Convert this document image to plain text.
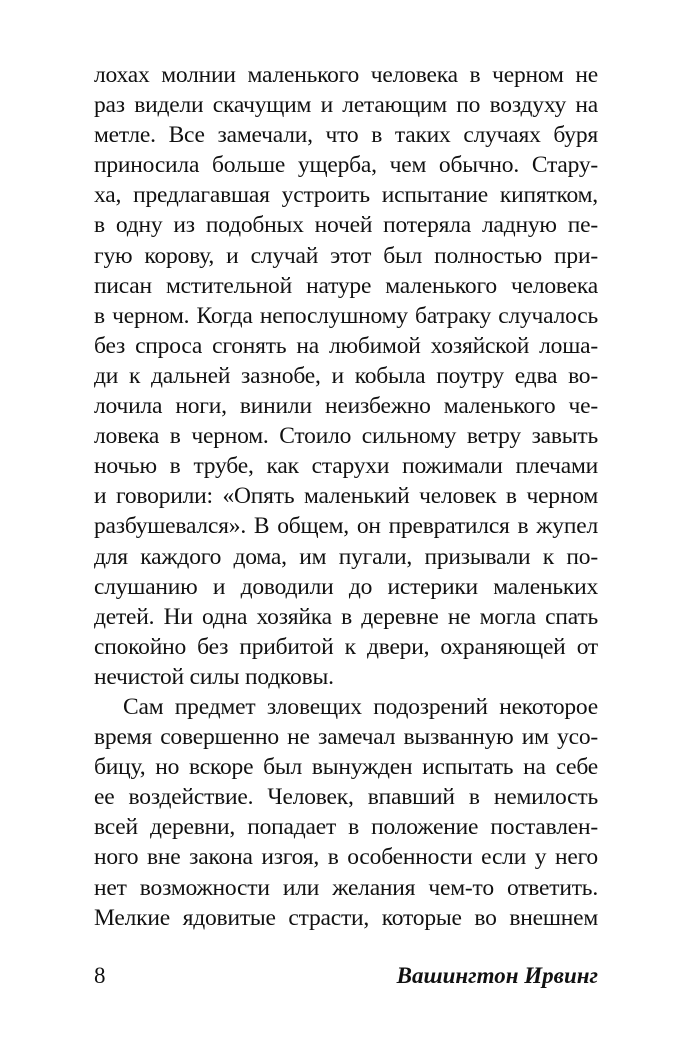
лохах молнии маленького человека в черном не
раз видели скачущим и летающим по воздуху на
метле. Все замечали, что в таких случаях буря
приносила больше ущерба, чем обычно. Стару-
ха, предлагавшая устроить испытание кипятком,
в одну из подобных ночей потеряла ладную пе-
гую корову, и случай этот был полностью при-
писан мстительной натуре маленького человека
в черном. Когда непослушному батраку случалось
без спроса сгонять на любимой хозяйской лоша-
ди к дальней зазнобе, и кобыла поутру едва во-
лочила ноги, винили неизбежно маленького че-
ловека в черном. Стоило сильному ветру завыть
ночью в трубе, как старухи пожимали плечами
и говорили: «Опять маленький человек в черном
разбушевался». В общем, он превратился в жупел
для каждого дома, им пугали, призывали к по-
слушанию и доводили до истерики маленьких
детей. Ни одна хозяйка в деревне не могла спать
спокойно без прибитой к двери, охраняющей от
нечистой силы подковы.
Сам предмет зловещих подозрений некоторое
время совершенно не замечал вызванную им усо-
бицу, но вскоре был вынужден испытать на себе
ее воздействие. Человек, впавший в немилость
всей деревни, попадает в положение поставлен-
ного вне закона изгоя, в особенности если у него
нет возможности или желания чем-то ответить.
Мелкие ядовитые страсти, которые во внешнем
8	Вашингтон Ирвинг
